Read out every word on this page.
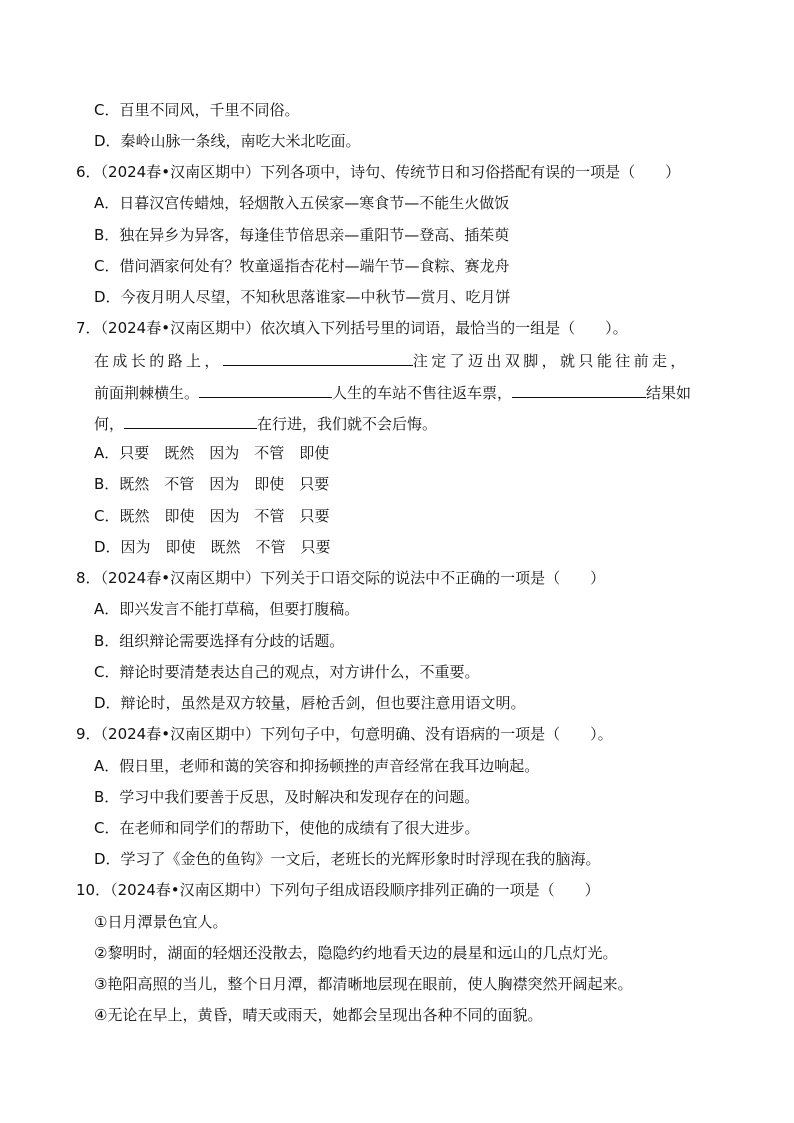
C．百里不同风，千里不同俗。
D．秦岭山脉一条线，南吃大米北吃面。
6．（2024春•汉南区期中）下列各项中，诗句、传统节日和习俗搭配有误的一项是（　　）
A．日暮汉宫传蜡烛，轻烟散入五侯家—寒食节—不能生火做饭
B．独在异乡为异客，每逢佳节倍思亲—重阳节—登高、插茱萸
C．借问酒家何处有？牧童遥指杏花村—端午节—食粽、赛龙舟
D．今夜月明人尽望，不知秋思落谁家—中秋节—赏月、吃月饼
7．（2024春•汉南区期中）依次填入下列括号里的词语，最恰当的一组是（　　）。
在成长的路上，	注定了迈出双脚，就只能往前走，
前面荆棘横生。	人生的车站不售往返车票，	结果如
何，	在行进，我们就不会后悔。
A．只要　既然　因为　不管　即使
B．既然　不管　因为　即使　只要
C．既然　即使　因为　不管　只要
D．因为　即使　既然　不管　只要
8．（2024春•汉南区期中）下列关于口语交际的说法中不正确的一项是（　　）
A．即兴发言不能打草稿，但要打腹稿。
B．组织辩论需要选择有分歧的话题。
C．辩论时要清楚表达自己的观点，对方讲什么，不重要。
D．辩论时，虽然是双方较量，唇枪舌剑，但也要注意用语文明。
9．（2024春•汉南区期中）下列句子中，句意明确、没有语病的一项是（　　）。
A．假日里，老师和蔼的笑容和抑扬顿挫的声音经常在我耳边响起。
B．学习中我们要善于反思，及时解决和发现存在的问题。
C．在老师和同学们的帮助下，使他的成绩有了很大进步。
D．学习了《金色的鱼钩》一文后，老班长的光辉形象时时浮现在我的脑海。
10．（2024春•汉南区期中）下列句子组成语段顺序排列正确的一项是（　　）
①日月潭景色宜人。
②黎明时，湖面的轻烟还没散去，隐隐约约地看天边的晨星和远山的几点灯光。
③艳阳高照的当儿，整个日月潭，都清晰地层现在眼前，使人胸襟突然开阔起来。
④无论在早上，黄昏，晴天或雨天，她都会呈现出各种不同的面貌。
